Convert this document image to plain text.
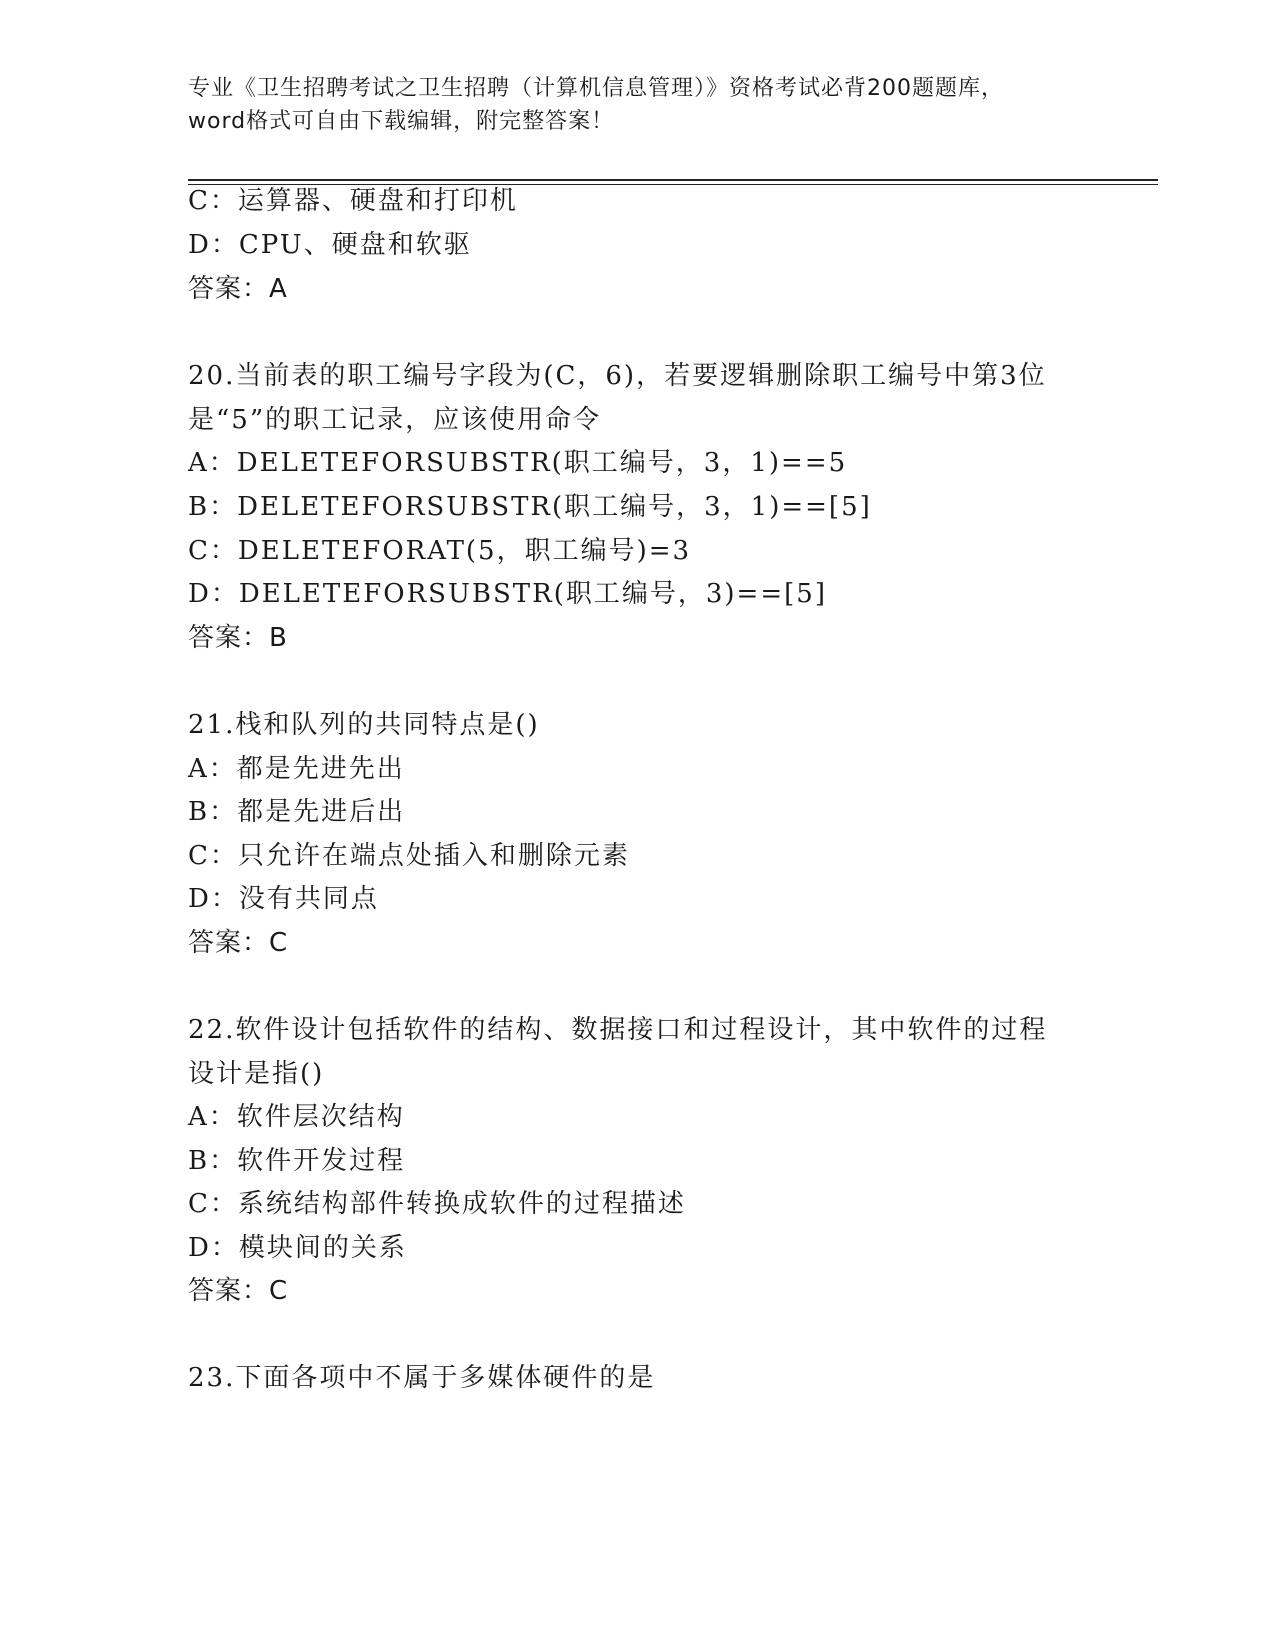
专业《卫生招聘考试之卫生招聘（计算机信息管理）》资格考试必背200题题库，
word格式可自由下载编辑，附完整答案！
C：运算器、硬盘和打印机
D：CPU、硬盘和软驱
答案：A
20.当前表的职工编号字段为(C，6)，若要逻辑删除职工编号中第3位
是“5”的职工记录，应该使用命令
A：DELETEFORSUBSTR(职工编号，3，1)==5
B：DELETEFORSUBSTR(职工编号，3，1)==[5]
C：DELETEFORAT(5，职工编号)=3
D：DELETEFORSUBSTR(职工编号，3)==[5]
答案：B
21.栈和队列的共同特点是()
A：都是先进先出
B：都是先进后出
C：只允许在端点处插入和删除元素
D：没有共同点
答案：C
22.软件设计包括软件的结构、数据接口和过程设计，其中软件的过程
设计是指()
A：软件层次结构
B：软件开发过程
C：系统结构部件转换成软件的过程描述
D：模块间的关系
答案：C
23.下面各项中不属于多媒体硬件的是
